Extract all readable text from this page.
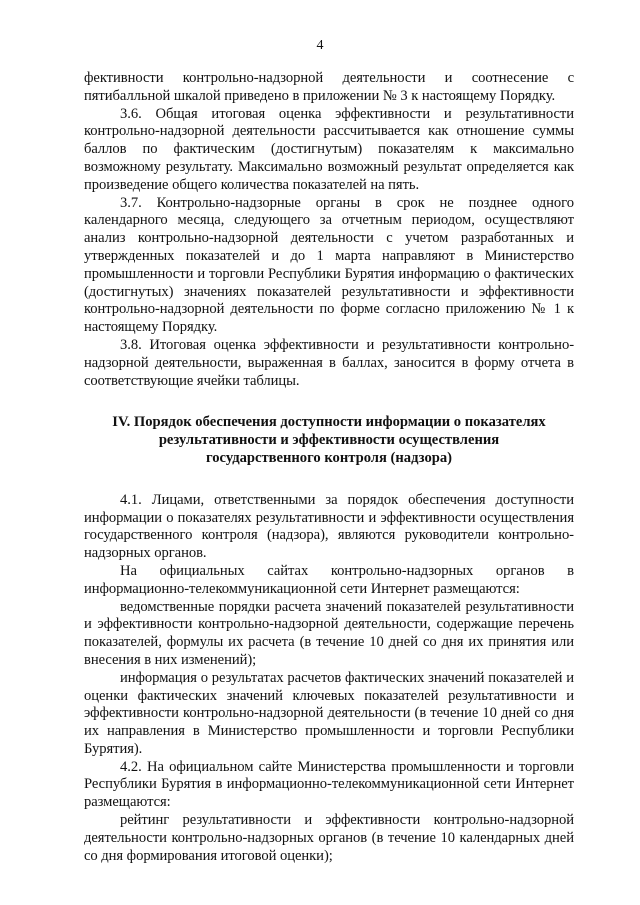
4

фективности контрольно-надзорной деятельности и соотнесение с пятибалльной шкалой приведено в приложении № 3 к настоящему Порядку.

3.6. Общая итоговая оценка эффективности и результативности контрольно-надзорной деятельности рассчитывается как отношение суммы баллов по фактическим (достигнутым) показателям к максимально возможному результату. Максимально возможный результат определяется как произведение общего количества показателей на пять.

3.7. Контрольно-надзорные органы в срок не позднее одного календарного месяца, следующего за отчетным периодом, осуществляют анализ контрольно-надзорной деятельности с учетом разработанных и утвержденных показателей и до 1 марта направляют в Министерство промышленности и торговли Республики Бурятия информацию о фактических (достигнутых) значениях показателей результативности и эффективности контрольно-надзорной деятельности по форме согласно приложению № 1 к настоящему Порядку.

3.8. Итоговая оценка эффективности и результативности контрольно-надзорной деятельности, выраженная в баллах, заносится в форму отчета в соответствующие ячейки таблицы.

IV. Порядок обеспечения доступности информации о показателях
результативности и эффективности осуществления
государственного контроля (надзора)

4.1. Лицами, ответственными за порядок обеспечения доступности информации о показателях результативности и эффективности осуществления государственного контроля (надзора), являются руководители контрольно-надзорных органов.

На официальных сайтах контрольно-надзорных органов в информационно-телекоммуникационной сети Интернет размещаются:

ведомственные порядки расчета значений показателей результативности и эффективности контрольно-надзорной деятельности, содержащие перечень показателей, формулы их расчета (в течение 10 дней со дня их принятия или внесения в них изменений);

информация о результатах расчетов фактических значений показателей и оценки фактических значений ключевых показателей результативности и эффективности контрольно-надзорной деятельности (в течение 10 дней со дня их направления в Министерство промышленности и торговли Республики Бурятия).

4.2. На официальном сайте Министерства промышленности и торговли Республики Бурятия в информационно-телекоммуникационной сети Интернет размещаются:

рейтинг результативности и эффективности контрольно-надзорной деятельности контрольно-надзорных органов (в течение 10 календарных дней со дня формирования итоговой оценки);
